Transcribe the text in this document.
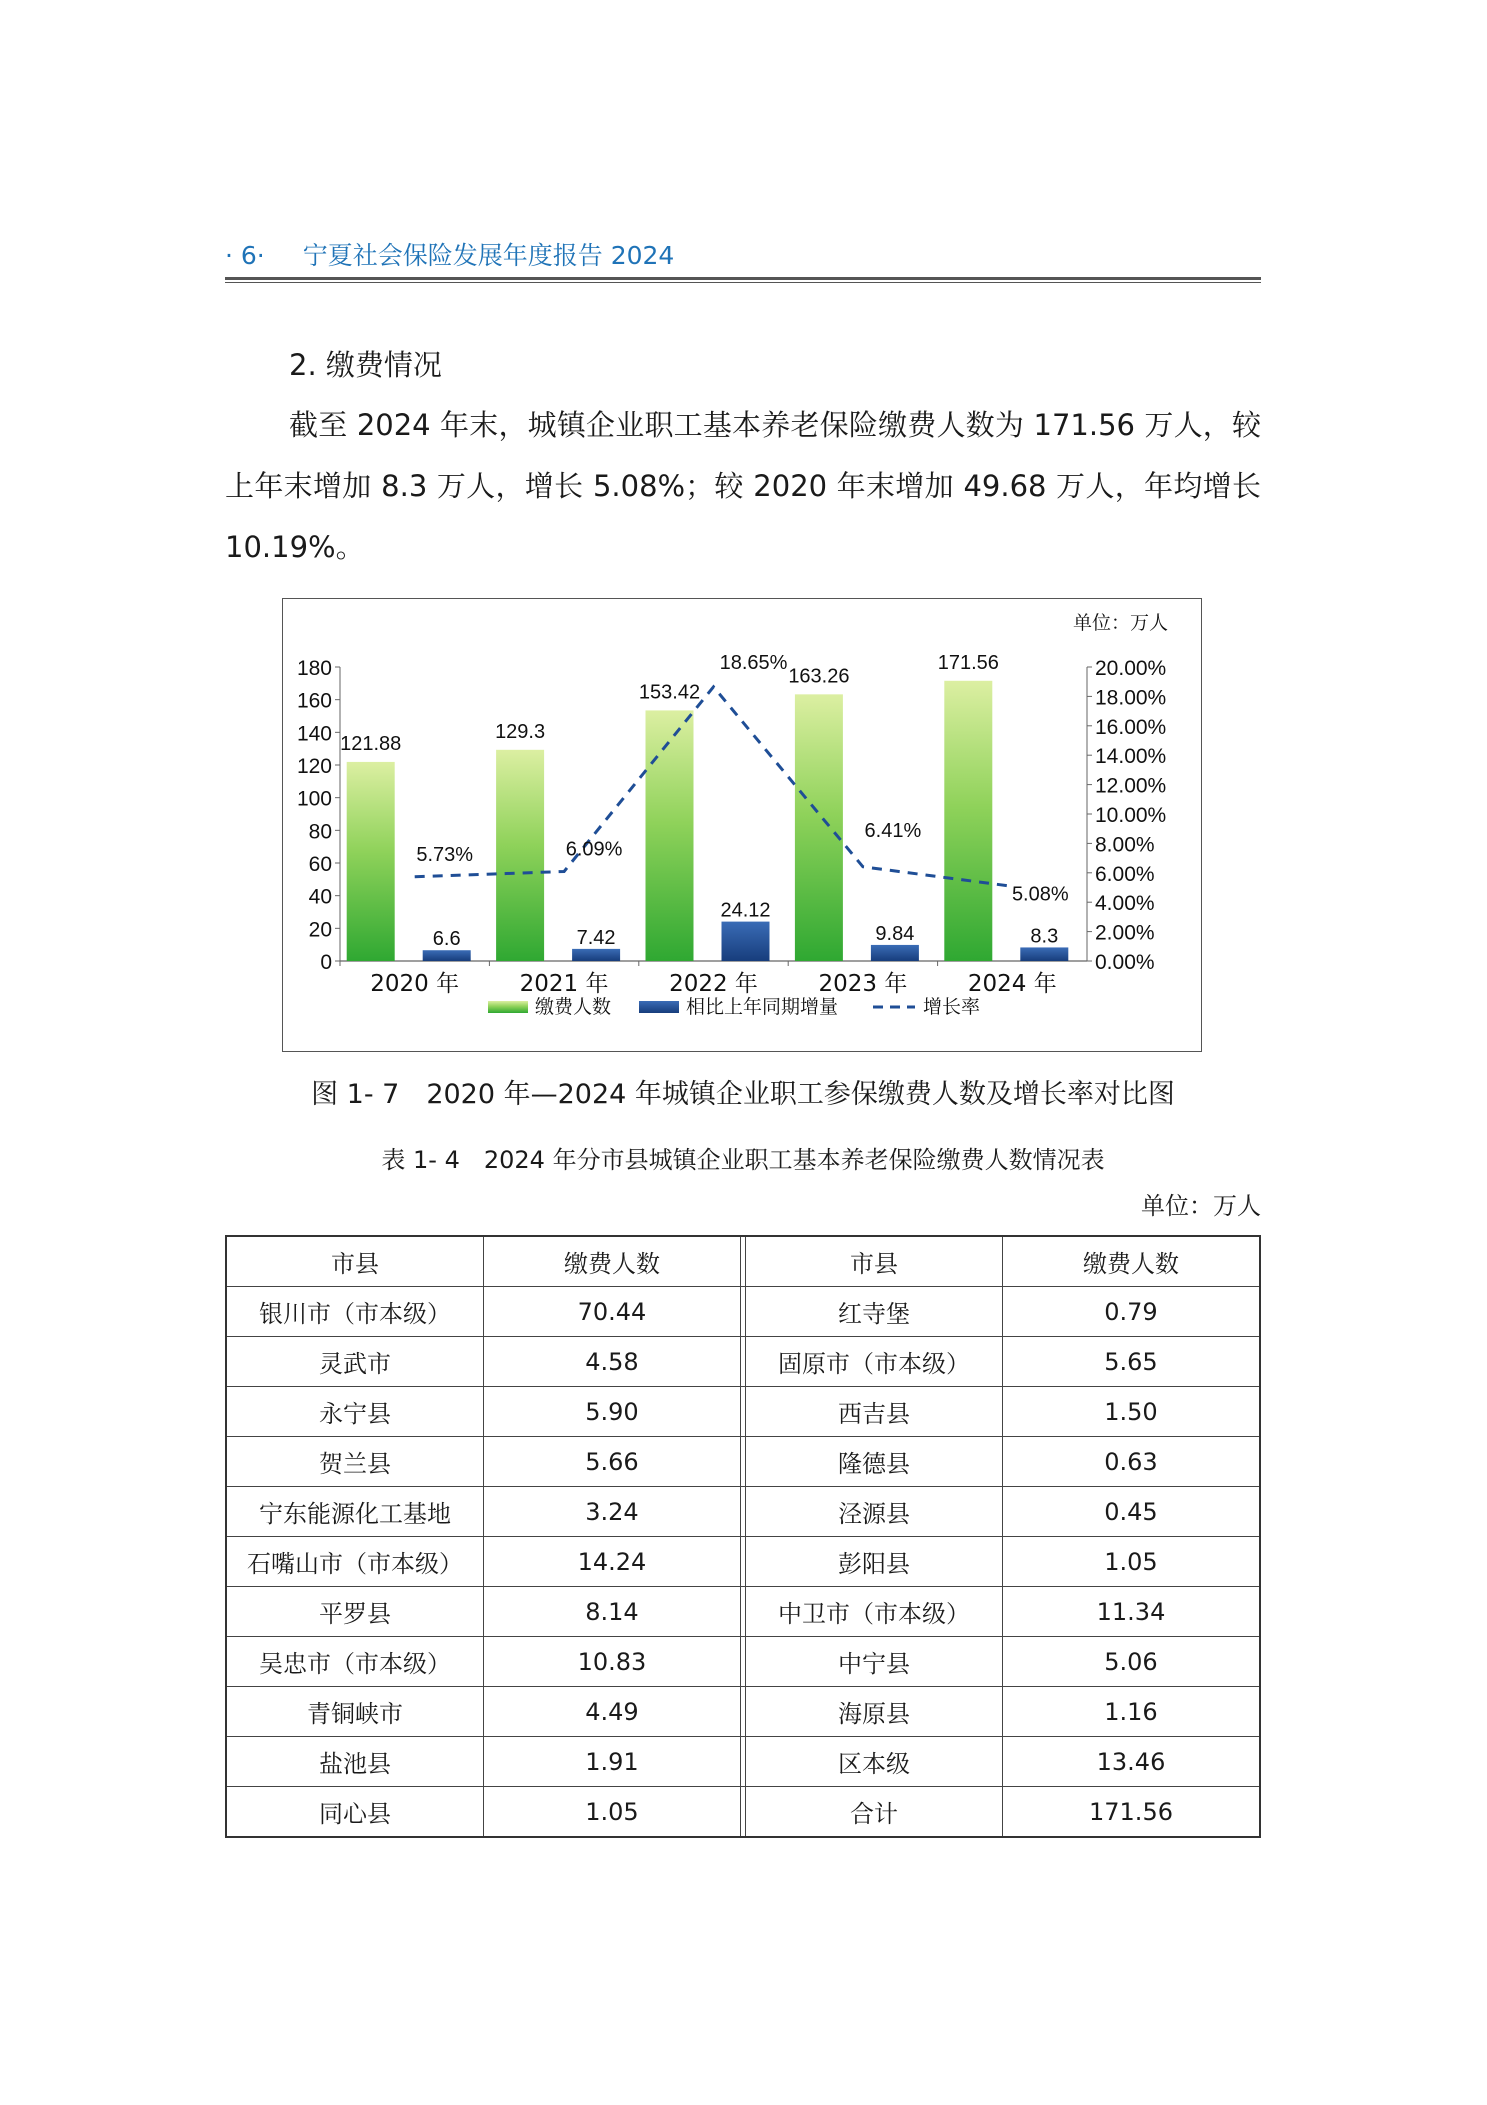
· 6· 宁夏社会保险发展年度报告 2024
2. 缴费情况
截至 2024 年末，城镇企业职工基本养老保险缴费人数为 171.56 万人，较上年末增加 8.3 万人，增长 5.08%；较 2020 年末增加 49.68 万人，年均增长 10.19%。
0
20
40
60
80
100
120
140
160
180
0.00%
2.00%
4.00%
6.00%
8.00%
10.00%
12.00%
14.00%
16.00%
18.00%
20.00%
单位：万人
2020 年
121.88
6.6
2021 年
129.3
7.42
2022 年
153.42
24.12
2023 年
163.26
9.84
2024 年
171.56
8.3
5.73%	6.09%
18.65%
6.41%
5.08%
缴费人数	相比上年同期增量	增长率
图 1- 7　2020 年—2024 年城镇企业职工参保缴费人数及增长率对比图
表 1- 4　2024 年分市县城镇企业职工基本养老保险缴费人数情况表
单位：万人
市县	缴费人数		市县	缴费人数
银川市（市本级）	70.44		红寺堡	0.79
灵武市	4.58		固原市（市本级）	5.65
永宁县	5.90		西吉县	1.50
贺兰县	5.66		隆德县	0.63
宁东能源化工基地	3.24		泾源县	0.45
石嘴山市（市本级）	14.24		彭阳县	1.05
平罗县	8.14		中卫市（市本级）	11.34
吴忠市（市本级）	10.83		中宁县	5.06
青铜峡市	4.49		海原县	1.16
盐池县	1.91		区本级	13.46
同心县	1.05		合计	171.56
